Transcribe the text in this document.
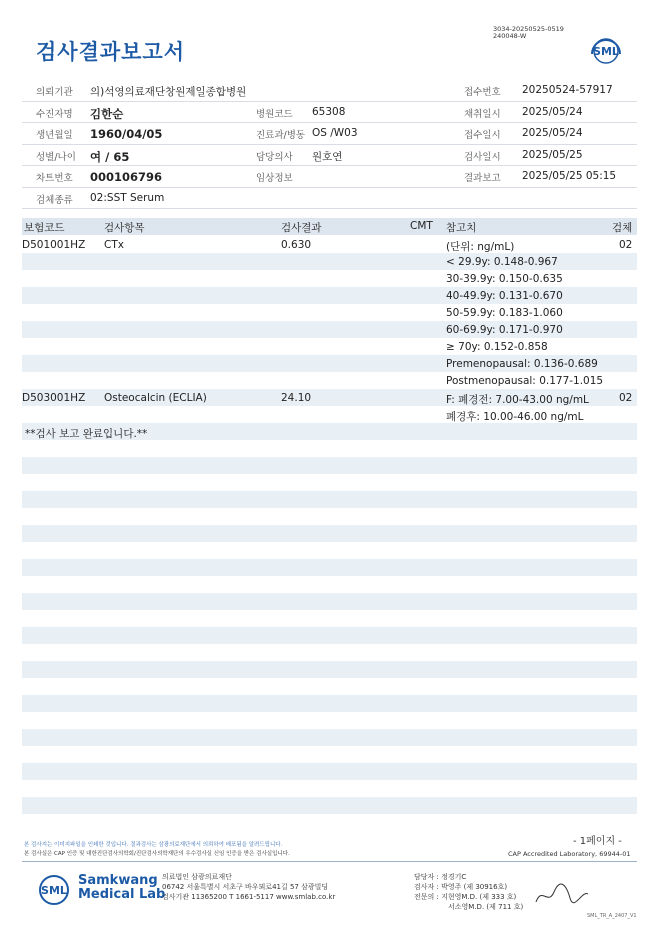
검사결과보고서
3034-20250525-0519
240048-W
SML
의뢰기관 의)석영의료재단창원제일종합병원	접수번호 20250524-57917
수진자명 김한순	병원코드 65308	채취일시 2025/05/24
생년월일 1960/04/05	진료과/병동 OS /W03	접수일시 2025/05/24
성별/나이 여 / 65	담당의사 원호연	검사일시 2025/05/25
차트번호 000106796	임상정보	결과보고 2025/05/25 05:15
검체종류 02:SST Serum
보험코드	검사항목	검사결과	CMT 참고치	검체
D501001HZ CTx	0.630	(단위: ng/mL)	02
< 29.9y: 0.148-0.967
30-39.9y: 0.150-0.635
40-49.9y: 0.131-0.670
50-59.9y: 0.183-1.060
60-69.9y: 0.171-0.970
≥ 70y: 0.152-0.858
Premenopausal: 0.136-0.689
Postmenopausal: 0.177-1.015
D503001HZ Osteocalcin (ECLIA)	24.10	F: 폐경전: 7.00-43.00 ng/mL	02
폐경후: 10.00-46.00 ng/mL
**검사 보고 완료입니다.**
- 1페이지 -
본 검사지는 이미지파일을 인쇄한 것입니다. 결과검사는 삼광의료재단에서 의뢰하여 배포됨을 알려드립니다.
본 검사실은 CAP 인증 및 대한진단검사의학회/진단검사의학재단의 우수검사실 신임 인증을 받은 검사실입니다.	CAP Accredited Laboratory, 69944-01
SML
Samkwang
Medical Lab
의료법인 삼광의료재단
06742 서울특별시 서초구 바우뫼로41길 57 삼광빌딩
검사기관 11365200 T 1661-5117 www.smlab.co.kr
담당자 : 정경기C
검사자 : 박영주 (제 30916호)
전문의 : 지현영M.D. (제 333 호)
서소영M.D. (제 711 호)
SML_TR_A_2407_V1
